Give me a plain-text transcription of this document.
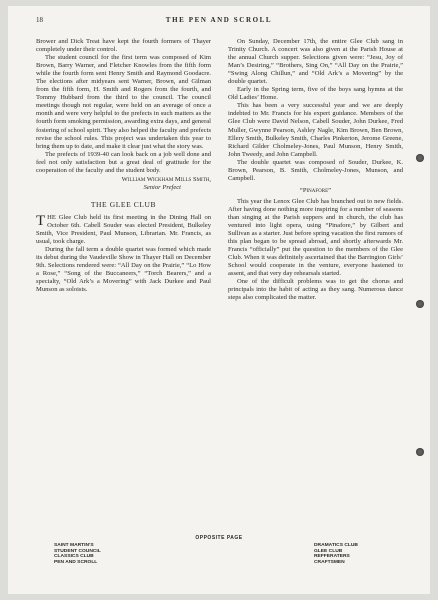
18	THE PEN AND SCROLL

Brower and Dick Treat have kept the fourth formers of Thayer completely under their control.

The student council for the first term was composed of Kim Brown, Barry Warner, and Fletcher Knowles from the fifth form while the fourth form sent Henry Smith and Raymond Goodacre. The elections after midyears sent Warner, Brown, and Gilman from the fifth form, H. Smith and Rogers from the fourth, and Tommy Hubbard from the third to the council. The council meetings though not regular, were held on an average of once a month and were very helpful to the prefects in such matters as the fourth form smoking permission, awarding extra days, and general fostering of school spirit. They also helped the faculty and prefects revise the school rules. This project was undertaken this year to bring them up to date, and make it clear just what the story was.

The prefects of 1939-40 can look back on a job well done and feel not only satisfaction but a great deal of gratitude for the cooperation of the faculty and the student body.

William Wickham Mills Smith,
Senior Prefect
THE GLEE CLUB

THE Glee Club held its first meeting in the Dining Hall on October 6th. Cabell Souder was elected President, Bulkeley Smith, Vice President, Paul Munson, Librarian. Mr. Francis, as usual, took charge.

During the fall term a double quartet was formed which made its debut during the Vaudeville Show in Thayer Hall on December 9th. Selections rendered were: “All Day on the Prairie,” “Lo How a Rose,” “Song of the Buccaneers,” “Torch Bearers,” and a specialty, “Old Ark’s a Movering” with Jack Durkee and Paul Munson as soloists.

On Sunday, December 17th, the entire Glee Club sang in Trinity Church. A concert was also given at the Parish House at the annual Church supper. Selections given were: “Jesu, Joy of Man’s Desiring,” “Brothers, Sing On,” “All Day on the Prairie,” “Swing Along Chillun,” and “Old Ark’s a Movering” by the double quartet.

Early in the Spring term, five of the boys sang hymns at the Old Ladies’ Home.

This has been a very successful year and we are deeply indebted to Mr. Francis for his expert guidance. Members of the Glee Club were David Nelson, Cabell Souder, John Durkee, Fred Muller, Gwynne Pearson, Ashley Nagle, Kim Brown, Ben Brown, Ellery Smith, Bulkeley Smith, Charles Pinkerton, Jerome Greene, Richard Gilder Cholmeley-Jones, Paul Munson, Henry Smith, John Tweedy, and John Campbell.

The double quartet was composed of Souder, Durkee, K. Brown, Pearson, B. Smith, Cholmeley-Jones, Munson, and Campbell.

“Pinafore”

This year the Lenox Glee Club has branched out to new fields. After having done nothing more inspiring for a number of seasons than singing at the Parish suppers and in church, the club has ventured into light opera, using “Pinafore,” by Gilbert and Sullivan as a starter. Just before spring vacation the first rumors of this plan began to be spread abroad, and shortly afterwards Mr. Francis “officially” put the question to the members of the Glee Club. When it was definitely ascertained that the Barrington Girls’ School would cooperate in the venture, everyone hastened to assent, and that very day rehearsals started.

One of the difficult problems was to get the chorus and principals into the habit of acting as they sang. Numerous dance steps also complicated the matter.

OPPOSITE PAGE
SAINT MARTIN’S
STUDENT COUNCIL
CLASSICS CLUB
PEN AND SCROLL
DRAMATICS CLUB
GLEE CLUB
REFFERATERS
CRAFTSMEN
